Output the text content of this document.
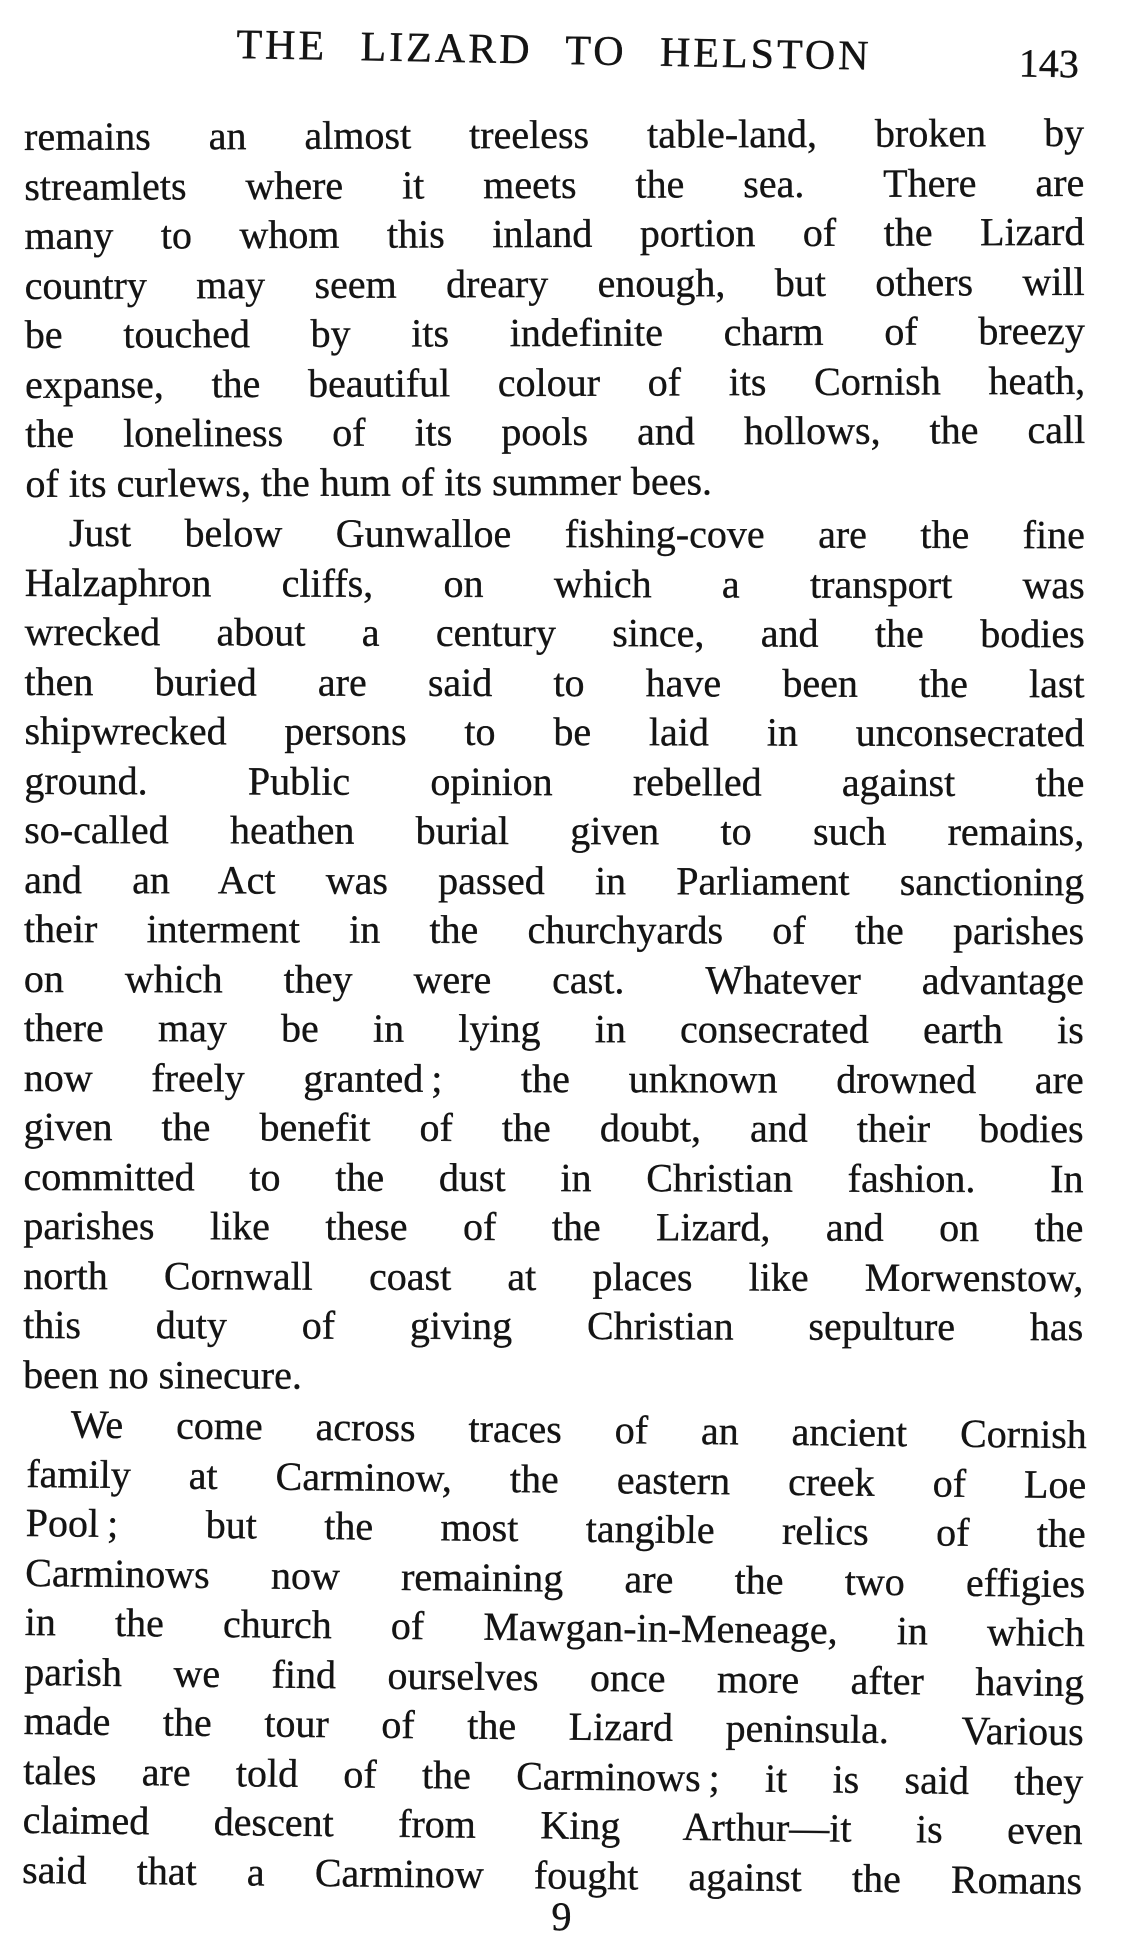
THE LIZARD TO HELSTON	143
remains an almost treeless table-land, broken by
streamlets where it meets the sea.  There are
many to whom this inland portion of the Lizard
country may seem dreary enough, but others will
be touched by its indefinite charm of breezy
expanse, the beautiful colour of its Cornish heath,
the loneliness of its pools and hollows, the call
of its curlews, the hum of its summer bees.
Just below Gunwalloe fishing-cove are the fine
Halzaphron cliffs, on which a transport was
wrecked about a century since, and the bodies
then buried are said to have been the last
shipwrecked persons to be laid in unconsecrated
ground.  Public opinion rebelled against the
so-called heathen burial given to such remains,
and an Act was passed in Parliament sanctioning
their interment in the churchyards of the parishes
on which they were cast.  Whatever advantage
there may be in lying in consecrated earth is
now freely granted ;  the unknown drowned are
given the benefit of the doubt, and their bodies
committed to the dust in Christian fashion.  In
parishes like these of the Lizard, and on the
north Cornwall coast at places like Morwenstow,
this duty of giving Christian sepulture has
been no sinecure.
We come across traces of an ancient Cornish
family at Carminow, the eastern creek of Loe
Pool ;  but the most tangible relics of the
Carminows now remaining are the two effigies
in the church of Mawgan-in-Meneage, in which
parish we find ourselves once more after having
made the tour of the Lizard peninsula.  Various
tales are told of the Carminows ; it is said they
claimed descent from King Arthur—it is even
said that a Carminow fought against the Romans
9
